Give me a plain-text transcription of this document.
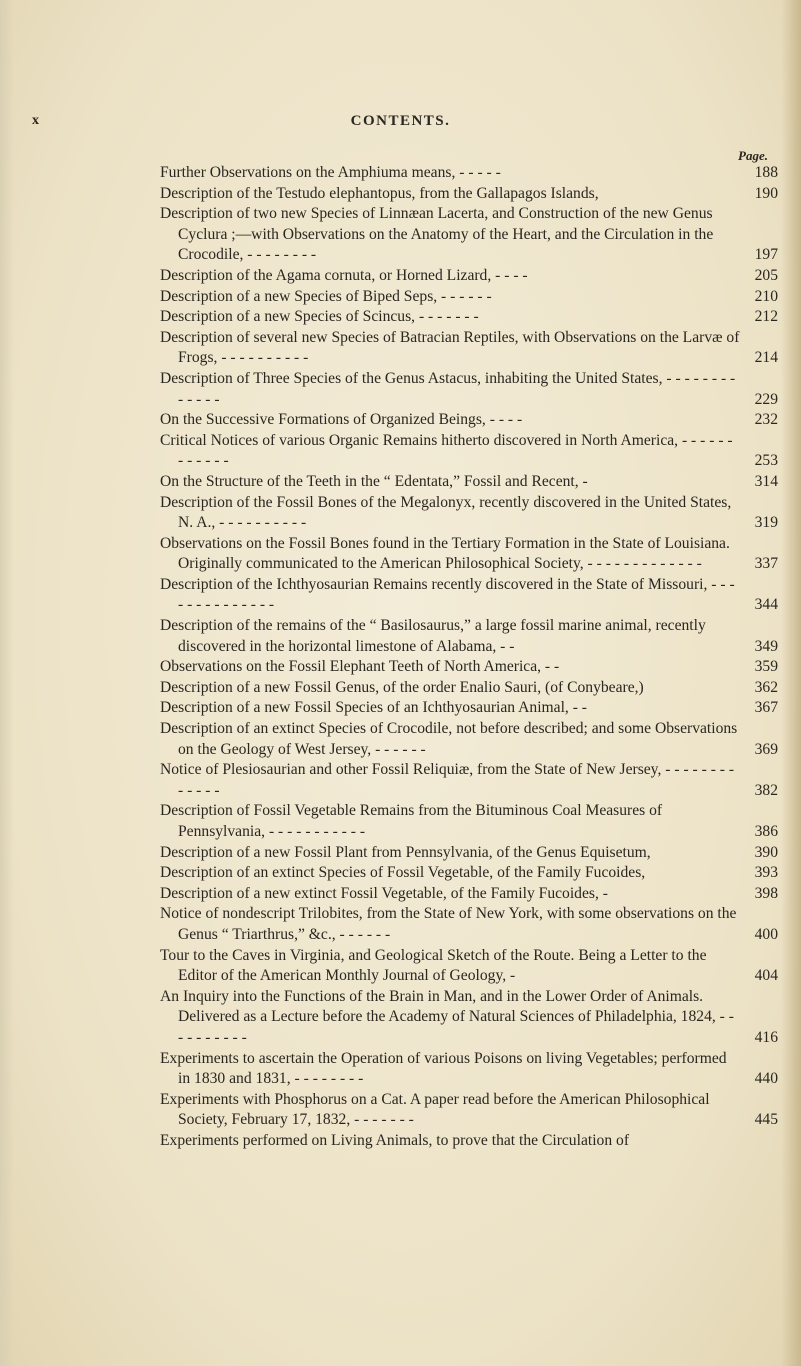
x	CONTENTS.
Page.
Further Observations on the Amphiuma means, - - - - -	188
Description of the Testudo elephantopus, from the Gallapagos Islands,	190
Description of two new Species of Linnæan Lacerta, and Construction of the new Genus Cyclura ;—with Observations on the Anatomy of the Heart, and the Circulation in the Crocodile, - - - - - - - -	197
Description of the Agama cornuta, or Horned Lizard, - - - -	205
Description of a new Species of Biped Seps, - - - - - -	210
Description of a new Species of Scincus, - - - - - - -	212
Description of several new Species of Batracian Reptiles, with Observations on the Larvæ of Frogs, - - - - - - - - - -	214
Description of Three Species of the Genus Astacus, inhabiting the United States, - - - - - - - - - - - - -	229
On the Successive Formations of Organized Beings, - - - -	232
Critical Notices of various Organic Remains hitherto discovered in North America, - - - - - - - - - - - -	253
On the Structure of the Teeth in the “ Edentata,” Fossil and Recent, -	314
Description of the Fossil Bones of the Megalonyx, recently discovered in the United States, N. A., - - - - - - - - - -	319
Observations on the Fossil Bones found in the Tertiary Formation in the State of Louisiana. Originally communicated to the American Philosophical Society, - - - - - - - - - - - - -	337
Description of the Ichthyosaurian Remains recently discovered in the State of Missouri, - - - - - - - - - - - - - -	344
Description of the remains of the “ Basilosaurus,” a large fossil marine animal, recently discovered in the horizontal limestone of Alabama, - -	349
Observations on the Fossil Elephant Teeth of North America, - -	359
Description of a new Fossil Genus, of the order Enalio Sauri, (of Conybeare,)	362
Description of a new Fossil Species of an Ichthyosaurian Animal, - -	367
Description of an extinct Species of Crocodile, not before described; and some Observations on the Geology of West Jersey, - - - - - -	369
Notice of Plesiosaurian and other Fossil Reliquiæ, from the State of New Jersey, - - - - - - - - - - - - -	382
Description of Fossil Vegetable Remains from the Bituminous Coal Measures of Pennsylvania, - - - - - - - - - - -	386
Description of a new Fossil Plant from Pennsylvania, of the Genus Equisetum,	390
Description of an extinct Species of Fossil Vegetable, of the Family Fucoides,	393
Description of a new extinct Fossil Vegetable, of the Family Fucoides, -	398
Notice of nondescript Trilobites, from the State of New York, with some observations on the Genus “ Triarthrus,” &c., - - - - - -	400
Tour to the Caves in Virginia, and Geological Sketch of the Route. Being a Letter to the Editor of the American Monthly Journal of Geology, -	404
An Inquiry into the Functions of the Brain in Man, and in the Lower Order of Animals. Delivered as a Lecture before the Academy of Natural Sciences of Philadelphia, 1824, - - - - - - - - - -	416
Experiments to ascertain the Operation of various Poisons on living Vegetables; performed in 1830 and 1831, - - - - - - - -	440
Experiments with Phosphorus on a Cat. A paper read before the American Philosophical Society, February 17, 1832, - - - - - - -	445
Experiments performed on Living Animals, to prove that the Circulation of
